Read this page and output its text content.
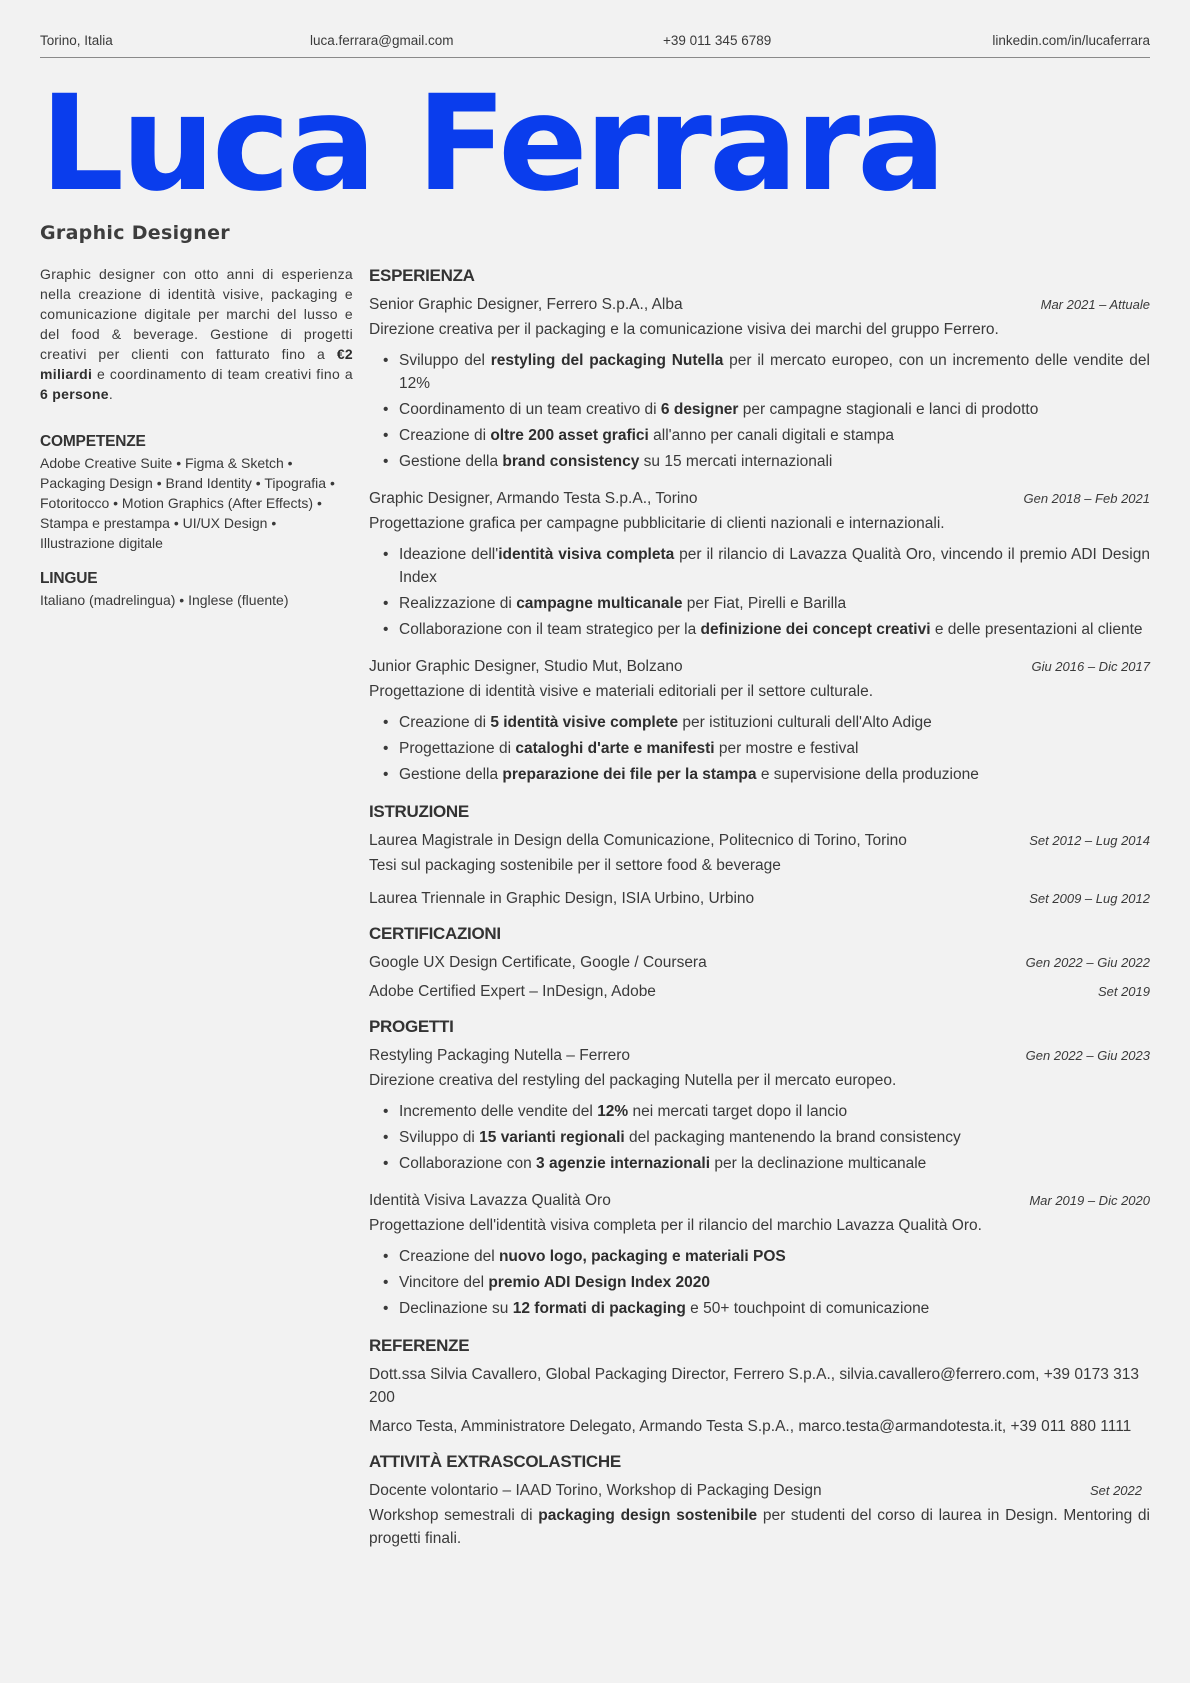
Torino, Italia	luca.ferrara@gmail.com	+39 011 345 6789	linkedin.com/in/lucaferrara
Luca Ferrara
Graphic Designer

Graphic designer con otto anni di esperienza nella creazione di identità visive, packaging e comunicazione digitale per marchi del lusso e del food & beverage. Gestione di progetti creativi per clienti con fatturato fino a €2 miliardi e coordinamento di team creativi fino a 6 persone.

COMPETENZE

Adobe Creative Suite • Figma & Sketch • Packaging Design • Brand Identity • Tipografia • Fotoritocco • Motion Graphics (After Effects) • Stampa e prestampa • UI/UX Design • Illustrazione digitale

LINGUE

Italiano (madrelingua) • Inglese (fluente)

ESPERIENZA
Senior Graphic Designer, Ferrero S.p.A., Alba	Mar 2021 – Attuale

Direzione creativa per il packaging e la comunicazione visiva dei marchi del gruppo Ferrero.

• Sviluppo del restyling del packaging Nutella per il mercato europeo, con un incremento delle vendite del 12%
• Coordinamento di un team creativo di 6 designer per campagne stagionali e lanci di prodotto
• Creazione di oltre 200 asset grafici all'anno per canali digitali e stampa
• Gestione della brand consistency su 15 mercati internazionali
Graphic Designer, Armando Testa S.p.A., Torino	Gen 2018 – Feb 2021

Progettazione grafica per campagne pubblicitarie di clienti nazionali e internazionali.

• Ideazione dell'identità visiva completa per il rilancio di Lavazza Qualità Oro, vincendo il premio ADI Design Index
• Realizzazione di campagne multicanale per Fiat, Pirelli e Barilla
• Collaborazione con il team strategico per la definizione dei concept creativi e delle presentazioni al cliente
Junior Graphic Designer, Studio Mut, Bolzano	Giu 2016 – Dic 2017

Progettazione di identità visive e materiali editoriali per il settore culturale.

• Creazione di 5 identità visive complete per istituzioni culturali dell'Alto Adige
• Progettazione di cataloghi d'arte e manifesti per mostre e festival
• Gestione della preparazione dei file per la stampa e supervisione della produzione
ISTRUZIONE
Laurea Magistrale in Design della Comunicazione, Politecnico di Torino, Torino	Set 2012 – Lug 2014

Tesi sul packaging sostenibile per il settore food & beverage

Laurea Triennale in Graphic Design, ISIA Urbino, Urbino	Set 2009 – Lug 2012
CERTIFICAZIONI
Google UX Design Certificate, Google / Coursera	Gen 2022 – Giu 2022
Adobe Certified Expert – InDesign, Adobe	Set 2019
PROGETTI
Restyling Packaging Nutella – Ferrero	Gen 2022 – Giu 2023

Direzione creativa del restyling del packaging Nutella per il mercato europeo.

• Incremento delle vendite del 12% nei mercati target dopo il lancio
• Sviluppo di 15 varianti regionali del packaging mantenendo la brand consistency
• Collaborazione con 3 agenzie internazionali per la declinazione multicanale
Identità Visiva Lavazza Qualità Oro	Mar 2019 – Dic 2020

Progettazione dell'identità visiva completa per il rilancio del marchio Lavazza Qualità Oro.

• Creazione del nuovo logo, packaging e materiali POS
• Vincitore del premio ADI Design Index 2020
• Declinazione su 12 formati di packaging e 50+ touchpoint di comunicazione
REFERENZE

Dott.ssa Silvia Cavallero, Global Packaging Director, Ferrero S.p.A., silvia.cavallero@ferrero.com, +39 0173 313 200

Marco Testa, Amministratore Delegato, Armando Testa S.p.A., marco.testa@armandotesta.it, +39 011 880 1111

ATTIVITÀ EXTRASCOLASTICHE
Docente volontario – IAAD Torino, Workshop di Packaging Design	Set 2022

Workshop semestrali di packaging design sostenibile per studenti del corso di laurea in Design. Mentoring di progetti finali.
